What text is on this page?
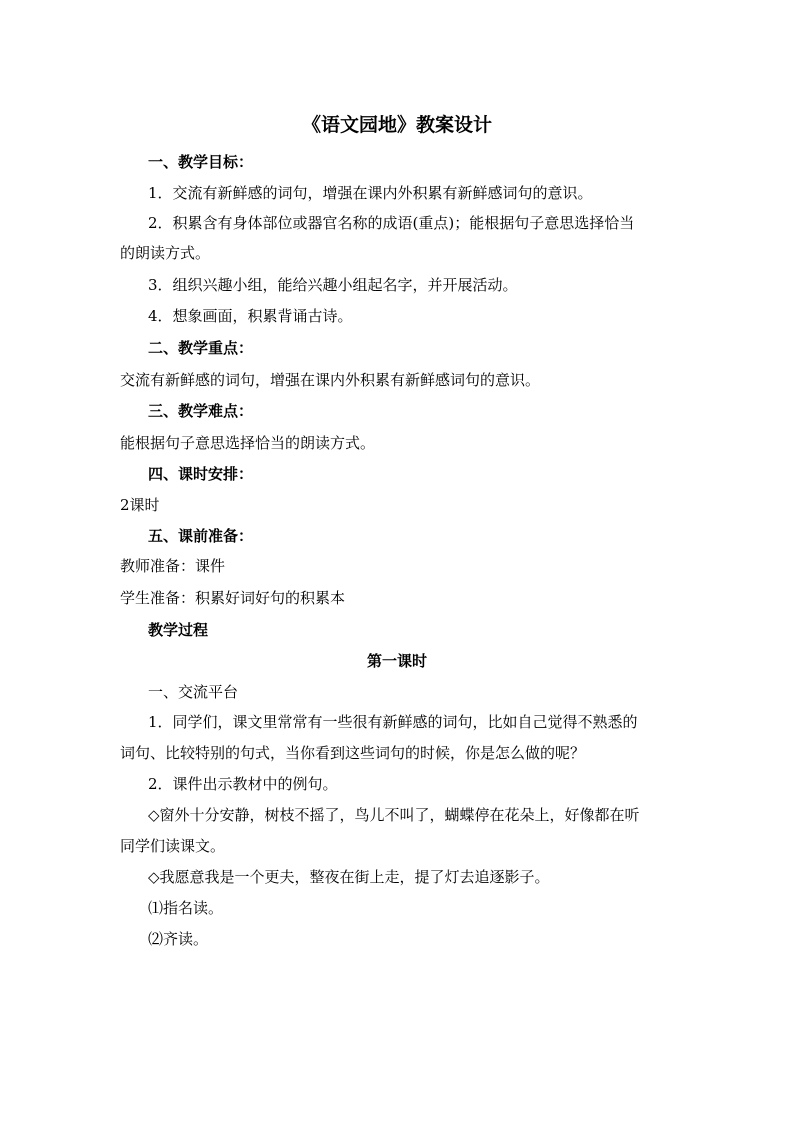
《语文园地》教案设计
一、教学目标：
1．交流有新鲜感的词句，增强在课内外积累有新鲜感词句的意识。
2．积累含有身体部位或器官名称的成语(重点)；能根据句子意思选择恰当
的朗读方式。
3．组织兴趣小组，能给兴趣小组起名字，并开展活动。
4．想象画面，积累背诵古诗。
二、教学重点：
交流有新鲜感的词句，增强在课内外积累有新鲜感词句的意识。
三、教学难点：
能根据句子意思选择恰当的朗读方式。
四、课时安排：
2课时
五、课前准备：
教师准备：课件
学生准备：积累好词好句的积累本
教学过程
第一课时
一、交流平台
1．同学们，课文里常常有一些很有新鲜感的词句，比如自己觉得不熟悉的
词句、比较特别的句式，当你看到这些词句的时候，你是怎么做的呢？
2．课件出示教材中的例句。
◇窗外十分安静，树枝不摇了，鸟儿不叫了，蝴蝶停在花朵上，好像都在听
同学们读课文。
◇我愿意我是一个更夫，整夜在街上走，提了灯去追逐影子。
⑴指名读。
⑵齐读。
